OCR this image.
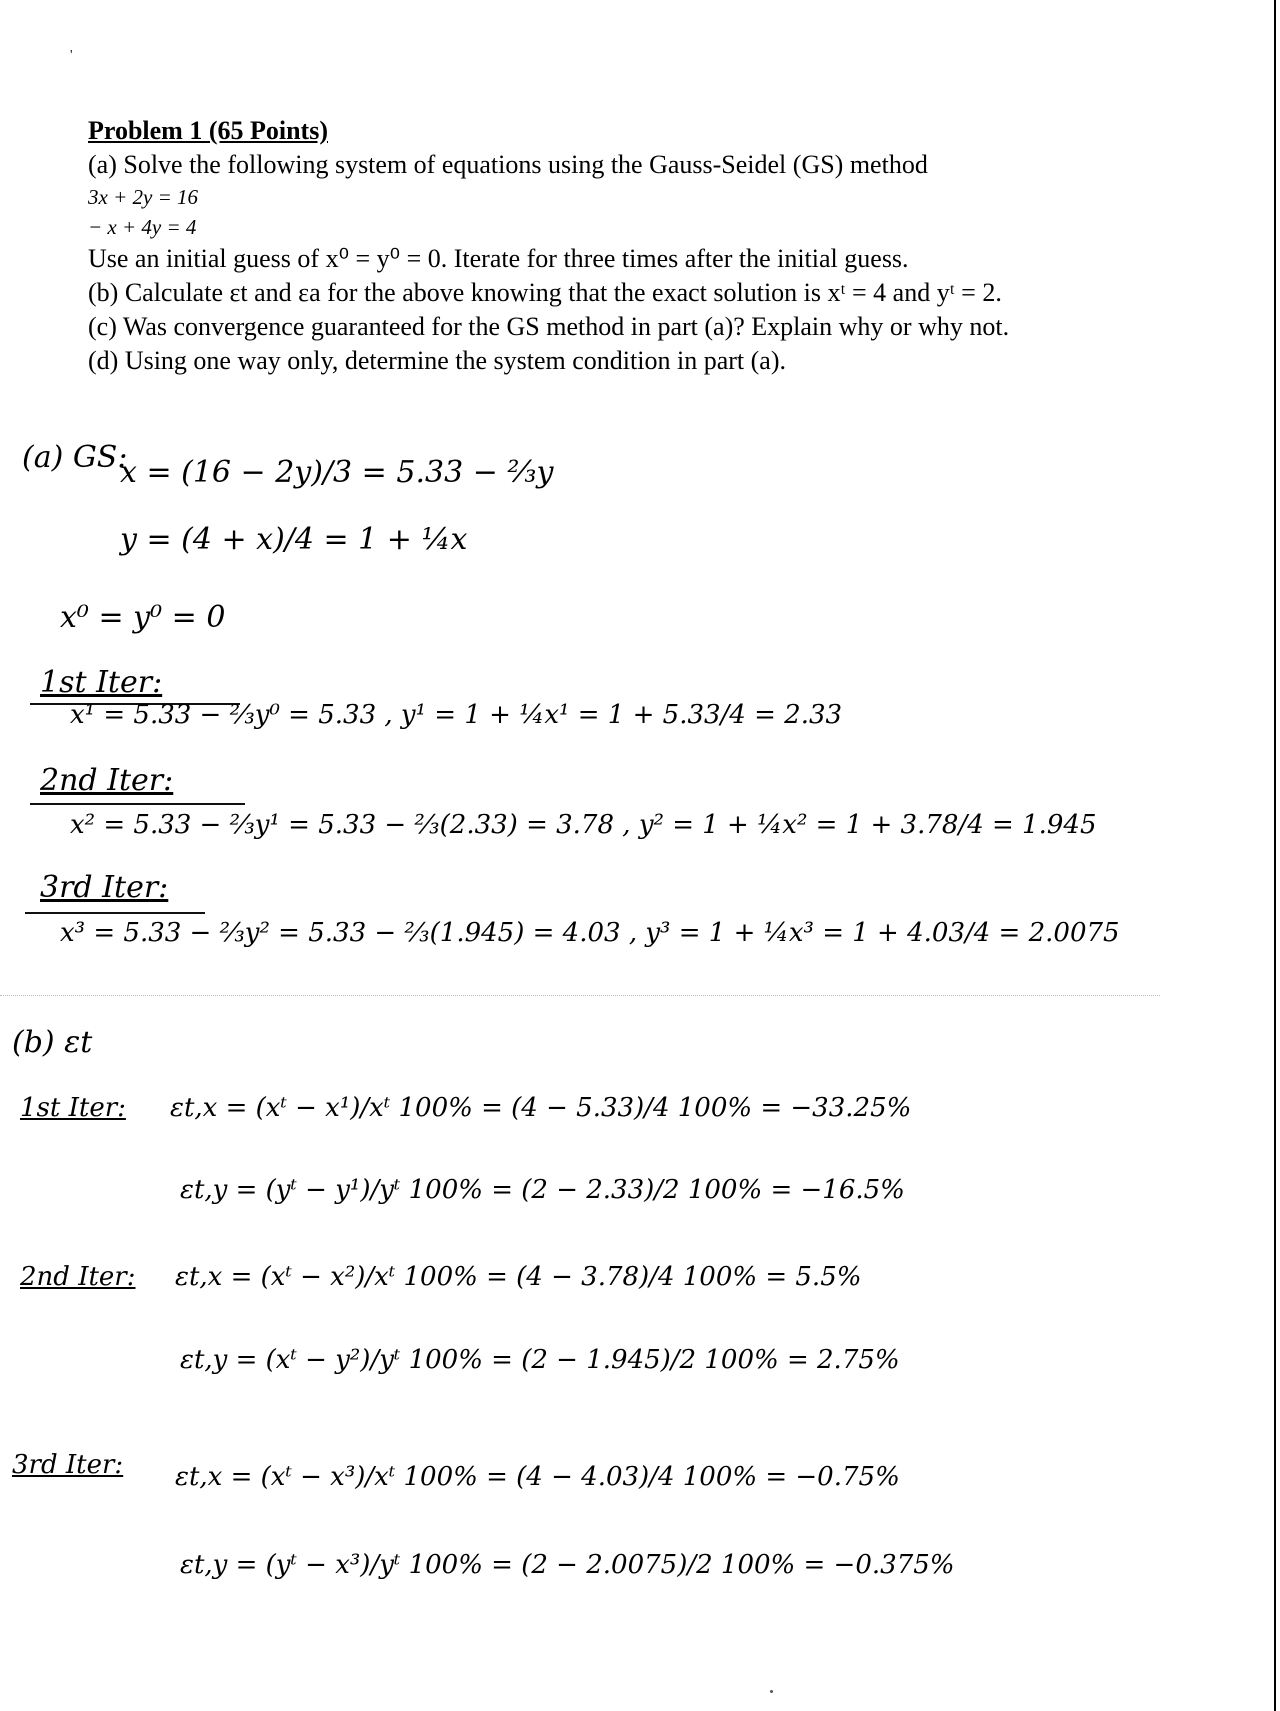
'
Problem 1 (65 Points)
(a) Solve the following system of equations using the Gauss-Seidel (GS) method
3x + 2y = 16
− x + 4y = 4
Use an initial guess of x⁰ = y⁰ = 0. Iterate for three times after the initial guess.
(b) Calculate εt and εa for the above knowing that the exact solution is xᵗ = 4 and yᵗ = 2.
(c) Was convergence guaranteed for the GS method in part (a)? Explain why or why not.
(d) Using one way only, determine the system condition in part (a).
(a) GS:
x = (16 − 2y)/3 = 5.33 − ⅔y
y = (4 + x)/4 = 1 + ¼x
x⁰ = y⁰ = 0
1st Iter:
x¹ = 5.33 − ⅔y⁰ = 5.33 , y¹ = 1 + ¼x¹ = 1 + 5.33/4 = 2.33
2nd Iter:
x² = 5.33 − ⅔y¹ = 5.33 − ⅔(2.33) = 3.78 , y² = 1 + ¼x² = 1 + 3.78/4 = 1.945
3rd Iter:
x³ = 5.33 − ⅔y² = 5.33 − ⅔(1.945) = 4.03 , y³ = 1 + ¼x³ = 1 + 4.03/4 = 2.0075
(b) εt
1st Iter: εt,x = (xᵗ − x¹)/xᵗ 100% = (4 − 5.33)/4 100% = −33.25%
εt,y = (yᵗ − y¹)/yᵗ 100% = (2 − 2.33)/2 100% = −16.5%
2nd Iter: εt,x = (xᵗ − x²)/xᵗ 100% = (4 − 3.78)/4 100% = 5.5%
εt,y = (xᵗ − y²)/yᵗ 100% = (2 − 1.945)/2 100% = 2.75%
3rd Iter: εt,x = (xᵗ − x³)/xᵗ 100% = (4 − 4.03)/4 100% = −0.75%
εt,y = (yᵗ − x³)/yᵗ 100% = (2 − 2.0075)/2 100% = −0.375%
